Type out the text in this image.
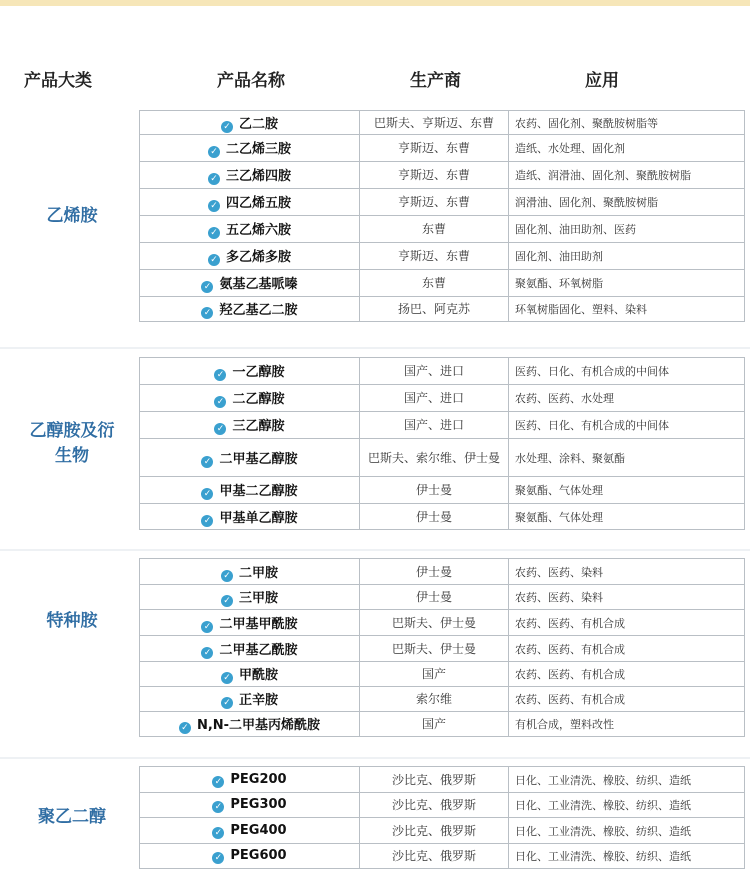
产品大类	产品名称	生产商	应用
乙烯胺
✓ 乙二胺	巴斯夫、亨斯迈、东曹	农药、固化剂、聚酰胺树脂等
✓ 二乙烯三胺	亨斯迈、东曹	造纸、水处理、固化剂
✓ 三乙烯四胺	亨斯迈、东曹	造纸、润滑油、固化剂、聚酰胺树脂
✓ 四乙烯五胺	亨斯迈、东曹	润滑油、固化剂、聚酰胺树脂
✓ 五乙烯六胺	东曹	固化剂、油田助剂、医药
✓ 多乙烯多胺	亨斯迈、东曹	固化剂、油田助剂
✓ 氨基乙基哌嗪	东曹	聚氨酯、环氧树脂
✓ 羟乙基乙二胺	扬巴、阿克苏	环氧树脂固化、塑料、染料
乙醇胺及衍
生物
✓ 一乙醇胺	国产、进口	医药、日化、有机合成的中间体
✓ 二乙醇胺	国产、进口	农药、医药、水处理
✓ 三乙醇胺	国产、进口	医药、日化、有机合成的中间体
✓ 二甲基乙醇胺	巴斯夫、索尔维、伊士曼	水处理、涂料、聚氨酯
✓ 甲基二乙醇胺	伊士曼	聚氨酯、气体处理
✓ 甲基单乙醇胺	伊士曼	聚氨酯、气体处理
特种胺
✓ 二甲胺	伊士曼	农药、医药、染料
✓ 三甲胺	伊士曼	农药、医药、染料
✓ 二甲基甲酰胺	巴斯夫、伊士曼	农药、医药、有机合成
✓ 二甲基乙酰胺	巴斯夫、伊士曼	农药、医药、有机合成
✓ 甲酰胺	国产	农药、医药、有机合成
✓ 正辛胺	索尔维	农药、医药、有机合成
✓ N,N-二甲基丙烯酰胺	国产	有机合成，塑料改性
聚乙二醇
✓ PEG200	沙比克、俄罗斯	日化、工业清洗、橡胶、纺织、造纸
✓ PEG300	沙比克、俄罗斯	日化、工业清洗、橡胶、纺织、造纸
✓ PEG400	沙比克、俄罗斯	日化、工业清洗、橡胶、纺织、造纸
✓ PEG600	沙比克、俄罗斯	日化、工业清洗、橡胶、纺织、造纸
